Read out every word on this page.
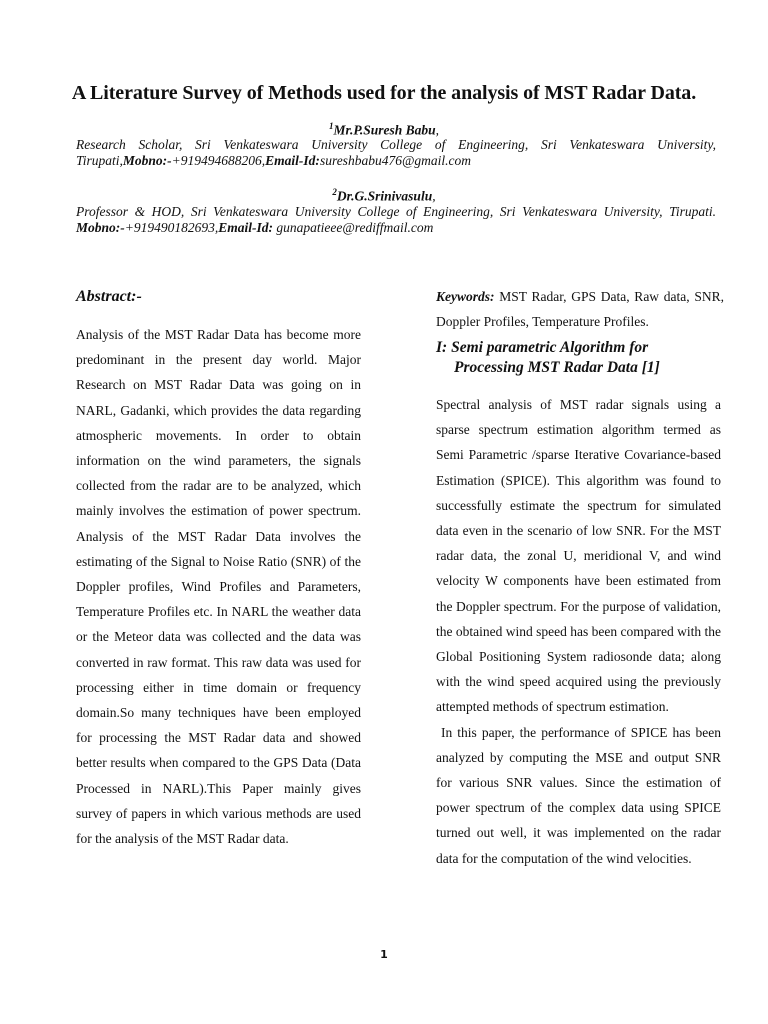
A Literature Survey of Methods used for the analysis of MST Radar Data.
$^1$Mr.P.Suresh Babu,
Research Scholar, Sri Venkateswara University College of Engineering, Sri Venkateswara University, Tirupati,Mobno:-+919494688206,Email-Id:sureshbabu476@gmail.com
$^2$Dr.G.Srinivasulu,
Professor & HOD, Sri Venkateswara University College of Engineering, Sri Venkateswara University, Tirupati. Mobno:-+919490182693,Email-Id: gunapatieee@rediffmail.com
Abstract:-

Analysis of the MST Radar Data has become more predominant in the present day world. Major Research on MST Radar Data was going on in NARL, Gadanki, which provides the data regarding atmospheric movements. In order to obtain information on the wind parameters, the signals collected from the radar are to be analyzed, which mainly involves the estimation of power spectrum. Analysis of the MST Radar Data involves the estimating of the Signal to Noise Ratio (SNR) of the Doppler profiles, Wind Profiles and Parameters, Temperature Profiles etc. In NARL the weather data or the Meteor data was collected and the data was converted in raw format. This raw data was used for processing either in time domain or frequency domain.So many techniques have been employed for processing the MST Radar data and showed better results when compared to the GPS Data (Data Processed in NARL).This Paper mainly gives survey of papers in which various methods are used for the analysis of the MST Radar data.

Keywords: MST Radar, GPS Data, Raw data, SNR, Doppler Profiles, Temperature Profiles.

I: Semi parametric Algorithm for
Processing MST Radar Data [1]

Spectral analysis of MST radar signals using a sparse spectrum estimation algorithm termed as Semi Parametric /sparse Iterative Covariance-based Estimation (SPICE). This algorithm was found to successfully estimate the spectrum for simulated data even in the scenario of low SNR. For the MST radar data, the zonal U, meridional V, and wind velocity W components have been estimated from the Doppler spectrum. For the purpose of validation, the obtained wind speed has been compared with the Global Positioning System radiosonde data; along with the wind speed acquired using the previously attempted methods of spectrum estimation.

In this paper, the performance of SPICE has been analyzed by computing the MSE and output SNR for various SNR values. Since the estimation of power spectrum of the complex data using SPICE turned out well, it was implemented on the radar data for the computation of the wind velocities.

1
